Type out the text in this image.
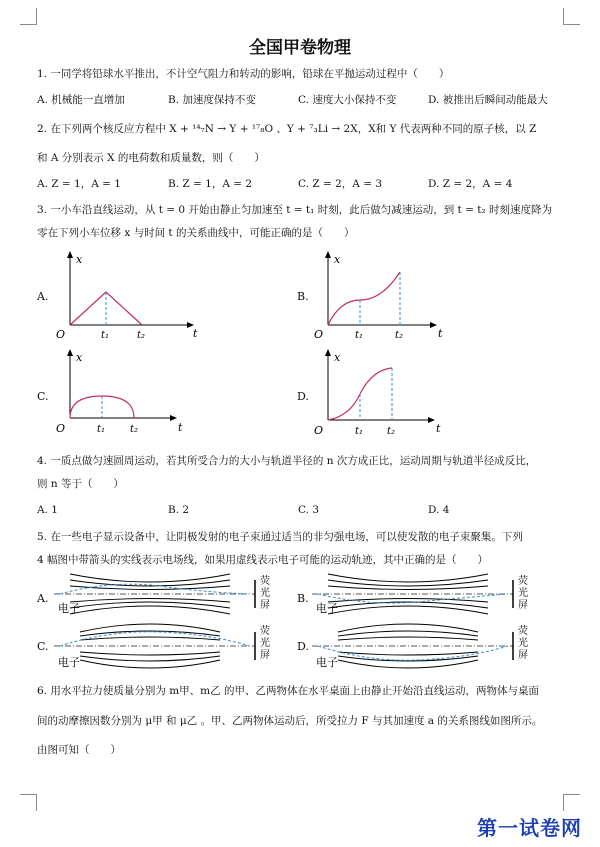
全国甲卷物理
1. 一同学将铅球水平推出，不计空气阻力和转动的影响，铅球在平抛运动过程中（　　）
A. 机械能一直增加	B. 加速度保持不变	C. 速度大小保持不变	D. 被推出后瞬间动能最大
2. 在下列两个核反应方程中 X + ¹⁴₇N → Y + ¹⁷₈O 、Y + ⁷₃Li → 2X，X和 Y 代表两种不同的原子核，以 Z
和 A 分别表示 X 的电荷数和质量数，则（　　）
A. Z = 1，A = 1	B. Z = 1，A = 2	C. Z = 2，A = 3	D. Z = 2，A = 4
3. 一小车沿直线运动，从 t = 0 开始由静止匀加速至 t = t₁ 时刻，此后做匀减速运动，到 t = t₂ 时刻速度降为
零在下列小车位移 x 与时间 t 的关系曲线中，可能正确的是（　　）
A.
x
t
O	t₁	t₂
B.
x
t
O	t₁	t₂
C.
x
t
O	t₁ t₂
D.
x
t
O	t₁ t₂
4. 一质点做匀速圆周运动，若其所受合力的大小与轨道半径的 n 次方成正比，运动周期与轨道半径成反比，
则 n 等于（　　）
A. 1	B. 2	C. 3	D. 4
5. 在一些电子显示设备中，让阴极发射的电子束通过适当的非匀强电场，可以使发散的电子束聚集。下列
4 幅图中带箭头的实线表示电场线，如果用虚线表示电子可能的运动轨迹，其中正确的是（　　）
A.
电子
荧
光
屏
B.
电子
荧
光
屏
C.
电子
荧
光
屏
D.
电子
荧
光
屏
6. 用水平拉力使质量分别为 m甲、m乙 的甲、乙两物体在水平桌面上由静止开始沿直线运动，两物体与桌面
间的动摩擦因数分别为 μ甲 和 μ乙 。甲、乙两物体运动后，所受拉力 F 与其加速度 a 的关系图线如图所示。
由图可知（　　）
第一试卷网
